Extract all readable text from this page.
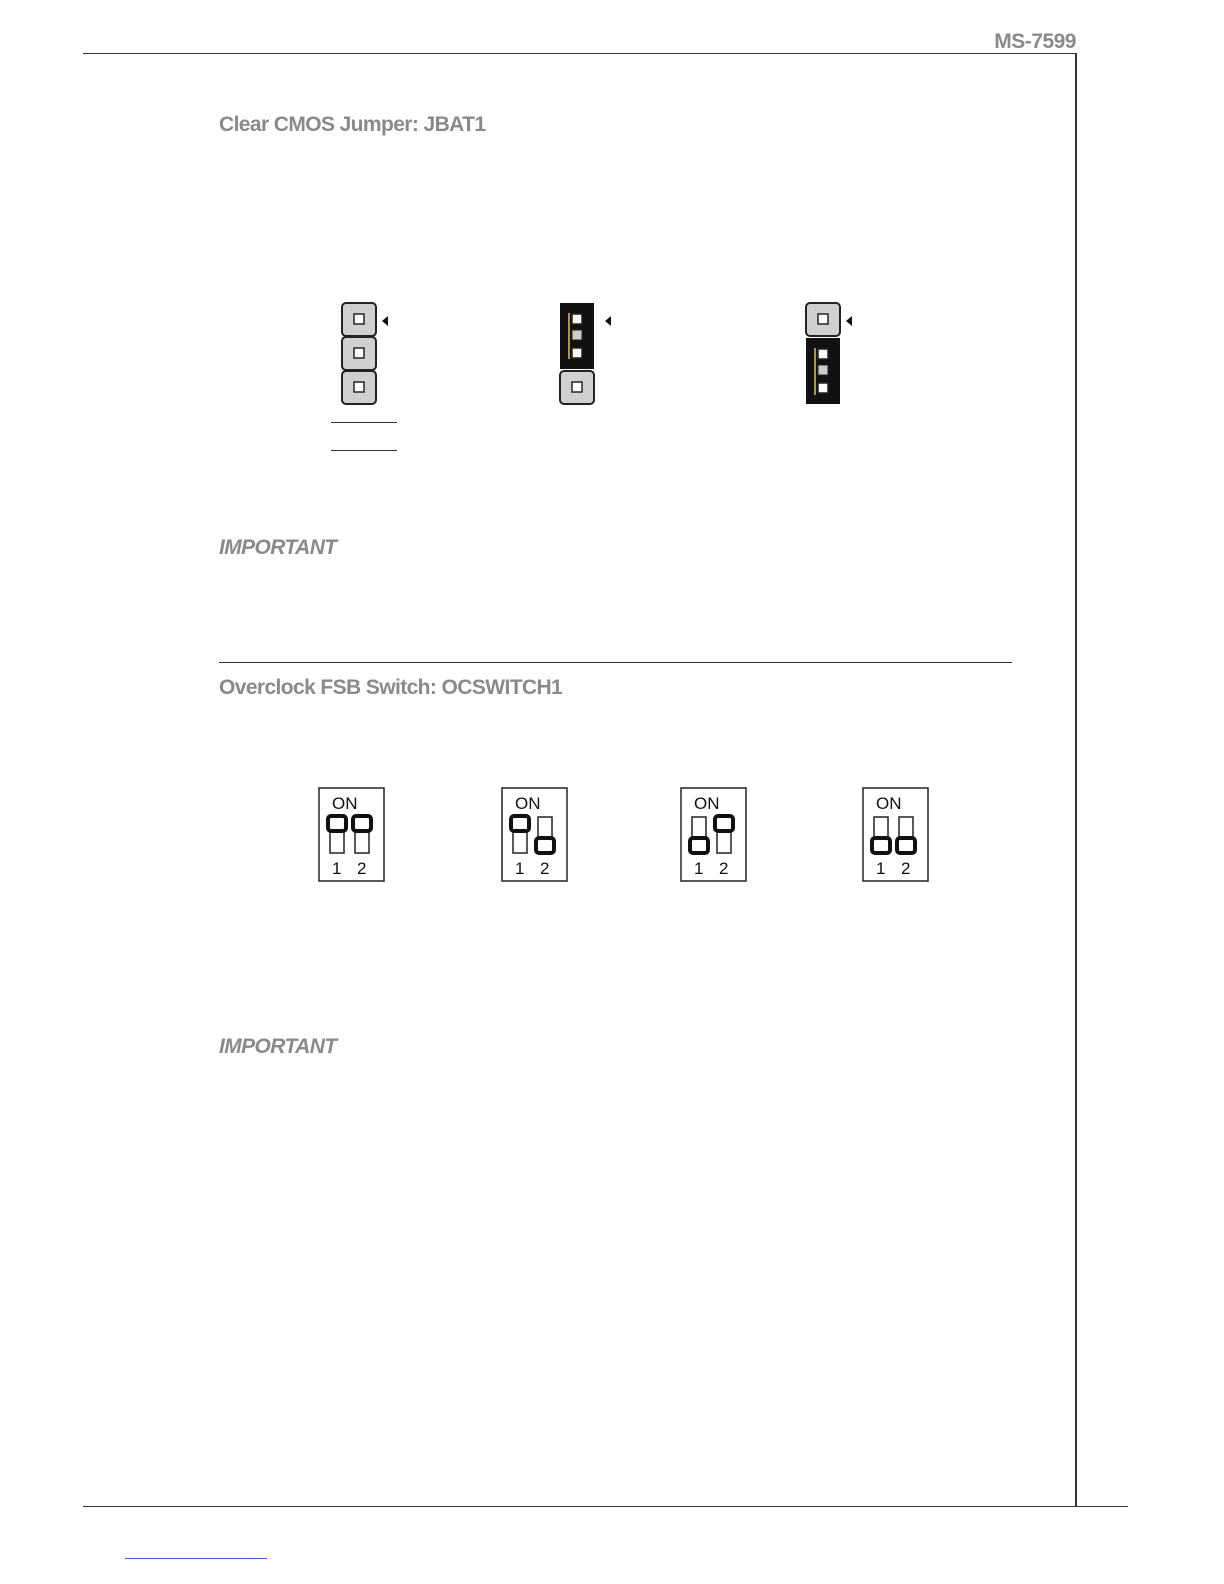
MS-7599
Clear CMOS Jumper: JBAT1
IMPORTANT
Overclock FSB Switch: OCSWITCH1
ON
1 2
ON
1 2
ON
1 2
ON
1 2
IMPORTANT
